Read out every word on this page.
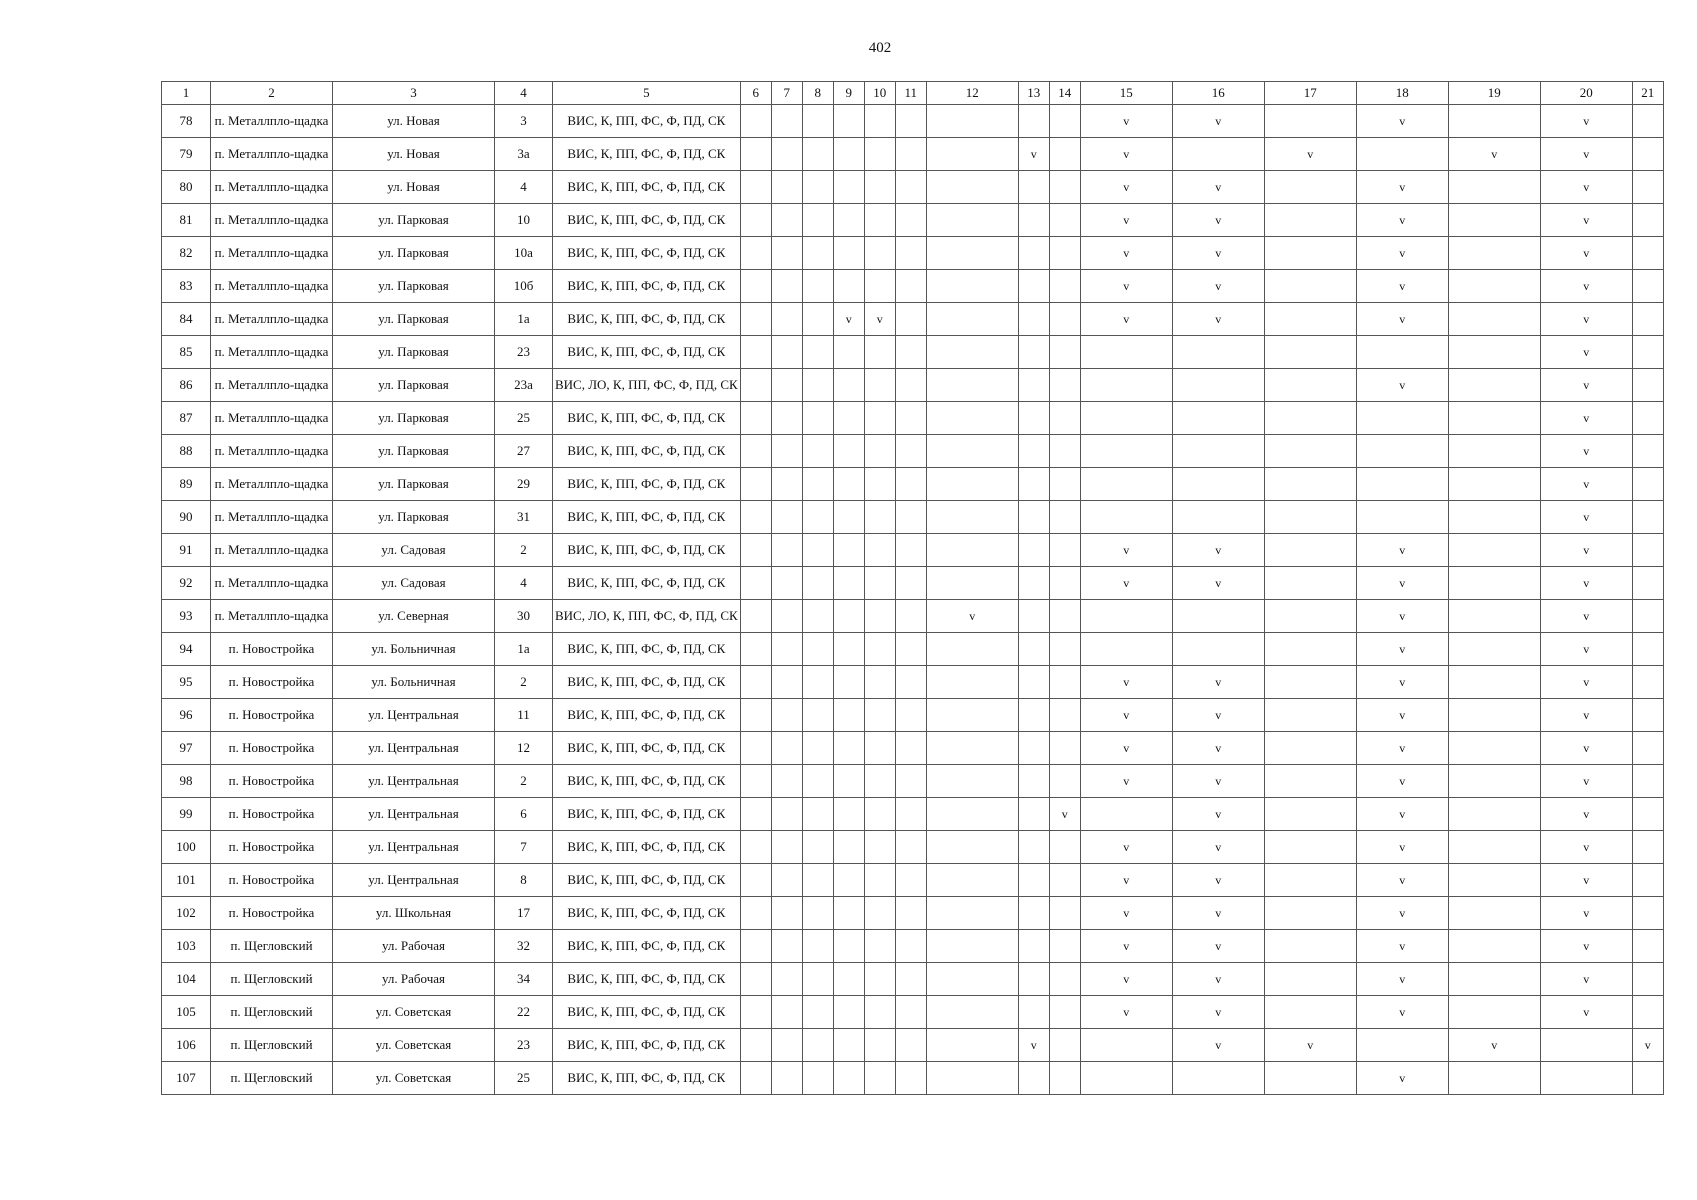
402
1	2	3	4	5	6	7	8	9	10	11	12	13	14	15	16	17	18	19	20	21
78	п. Металлпло-щадка	ул. Новая	3	ВИС, К, ПП, ФС, Ф, ПД, СК										v	v		v		v	
79	п. Металлпло-щадка	ул. Новая	3а	ВИС, К, ПП, ФС, Ф, ПД, СК								v		v		v		v	v	
80	п. Металлпло-щадка	ул. Новая	4	ВИС, К, ПП, ФС, Ф, ПД, СК										v	v		v		v	
81	п. Металлпло-щадка	ул. Парковая	10	ВИС, К, ПП, ФС, Ф, ПД, СК										v	v		v		v	
82	п. Металлпло-щадка	ул. Парковая	10а	ВИС, К, ПП, ФС, Ф, ПД, СК										v	v		v		v	
83	п. Металлпло-щадка	ул. Парковая	10б	ВИС, К, ПП, ФС, Ф, ПД, СК										v	v		v		v	
84	п. Металлпло-щадка	ул. Парковая	1а	ВИС, К, ПП, ФС, Ф, ПД, СК				v	v					v	v		v		v	
85	п. Металлпло-щадка	ул. Парковая	23	ВИС, К, ПП, ФС, Ф, ПД, СК															v	
86	п. Металлпло-щадка	ул. Парковая	23а	ВИС, ЛО, К, ПП, ФС, Ф, ПД, СК													v		v	
87	п. Металлпло-щадка	ул. Парковая	25	ВИС, К, ПП, ФС, Ф, ПД, СК															v	
88	п. Металлпло-щадка	ул. Парковая	27	ВИС, К, ПП, ФС, Ф, ПД, СК															v	
89	п. Металлпло-щадка	ул. Парковая	29	ВИС, К, ПП, ФС, Ф, ПД, СК															v	
90	п. Металлпло-щадка	ул. Парковая	31	ВИС, К, ПП, ФС, Ф, ПД, СК															v	
91	п. Металлпло-щадка	ул. Садовая	2	ВИС, К, ПП, ФС, Ф, ПД, СК										v	v		v		v	
92	п. Металлпло-щадка	ул. Садовая	4	ВИС, К, ПП, ФС, Ф, ПД, СК										v	v		v		v	
93	п. Металлпло-щадка	ул. Северная	30	ВИС, ЛО, К, ПП, ФС, Ф, ПД, СК							v						v		v	
94	п. Новостройка	ул. Больничная	1а	ВИС, К, ПП, ФС, Ф, ПД, СК													v		v	
95	п. Новостройка	ул. Больничная	2	ВИС, К, ПП, ФС, Ф, ПД, СК										v	v		v		v	
96	п. Новостройка	ул. Центральная	11	ВИС, К, ПП, ФС, Ф, ПД, СК										v	v		v		v	
97	п. Новостройка	ул. Центральная	12	ВИС, К, ПП, ФС, Ф, ПД, СК										v	v		v		v	
98	п. Новостройка	ул. Центральная	2	ВИС, К, ПП, ФС, Ф, ПД, СК										v	v		v		v	
99	п. Новостройка	ул. Центральная	6	ВИС, К, ПП, ФС, Ф, ПД, СК									v		v		v		v	
100	п. Новостройка	ул. Центральная	7	ВИС, К, ПП, ФС, Ф, ПД, СК										v	v		v		v	
101	п. Новостройка	ул. Центральная	8	ВИС, К, ПП, ФС, Ф, ПД, СК										v	v		v		v	
102	п. Новостройка	ул. Школьная	17	ВИС, К, ПП, ФС, Ф, ПД, СК										v	v		v		v	
103	п. Щегловский	ул. Рабочая	32	ВИС, К, ПП, ФС, Ф, ПД, СК										v	v		v		v	
104	п. Щегловский	ул. Рабочая	34	ВИС, К, ПП, ФС, Ф, ПД, СК										v	v		v		v	
105	п. Щегловский	ул. Советская	22	ВИС, К, ПП, ФС, Ф, ПД, СК										v	v		v		v	
106	п. Щегловский	ул. Советская	23	ВИС, К, ПП, ФС, Ф, ПД, СК								v			v	v		v		v
107	п. Щегловский	ул. Советская	25	ВИС, К, ПП, ФС, Ф, ПД, СК													v			
